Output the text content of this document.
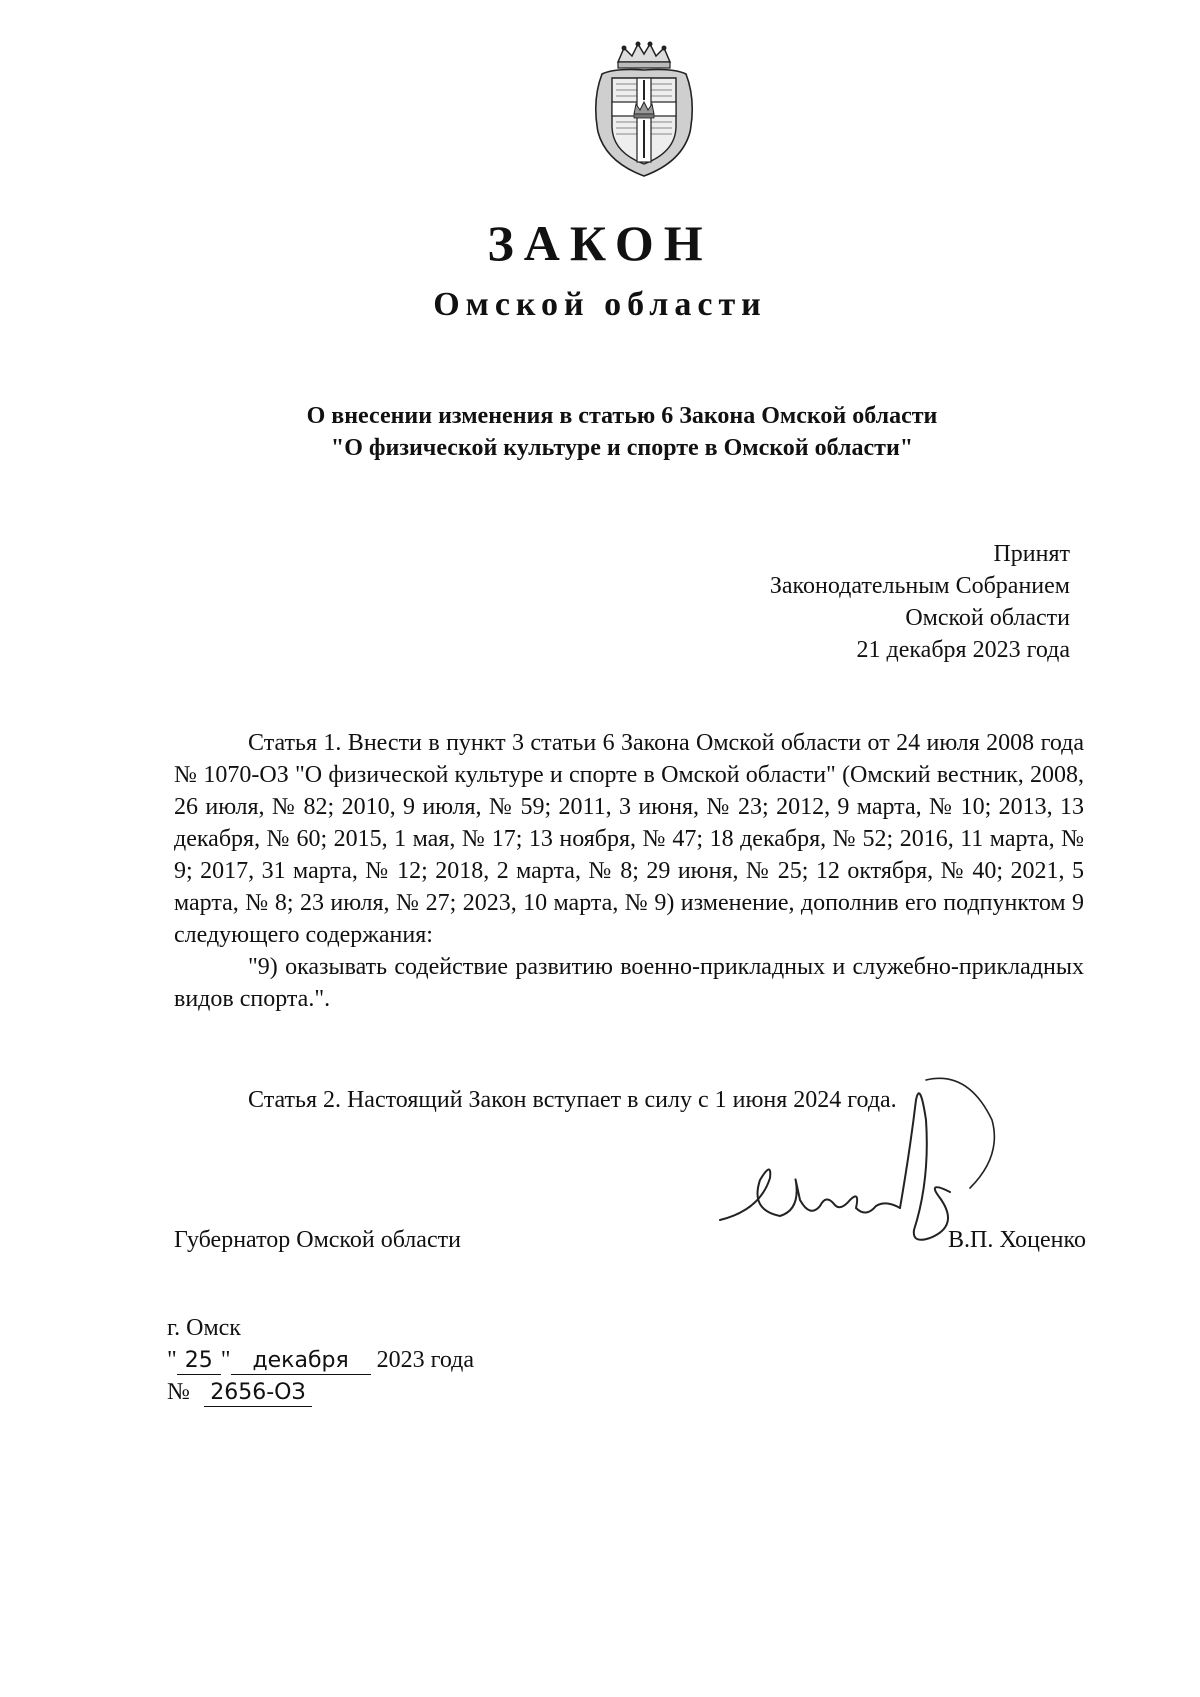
ЗАКОН
Омской области
О внесении изменения в статью 6 Закона Омской области
"О физической культуре и спорте в Омской области"
Принят
Законодательным Собранием
Омской области
21 декабря 2023 года

Статья 1. Внести в пункт 3 статьи 6 Закона Омской области от 24 июля 2008 года № 1070-ОЗ "О физической культуре и спорте в Омской области" (Омский вестник, 2008, 26 июля, № 82; 2010, 9 июля, № 59; 2011, 3 июня, № 23; 2012, 9 марта, № 10; 2013, 13 декабря, № 60; 2015, 1 мая, № 17; 13 ноября, № 47; 18 декабря, № 52; 2016, 11 марта, № 9; 2017, 31 марта, № 12; 2018, 2 марта, № 8; 29 июня, № 25; 12 октября, № 40; 2021, 5 марта, № 8; 23 июля, № 27; 2023, 10 марта, № 9) изменение, дополнив его подпунктом 9 следующего содержания:

"9) оказывать содействие развитию военно-прикладных и служебно-прикладных видов спорта.".

Статья 2. Настоящий Закон вступает в силу с 1 июня 2024 года.
Губернатор Омской области	В.П. Хоценко
г. Омск
" 25 " декабря 2023 года
№ 2656-ОЗ
